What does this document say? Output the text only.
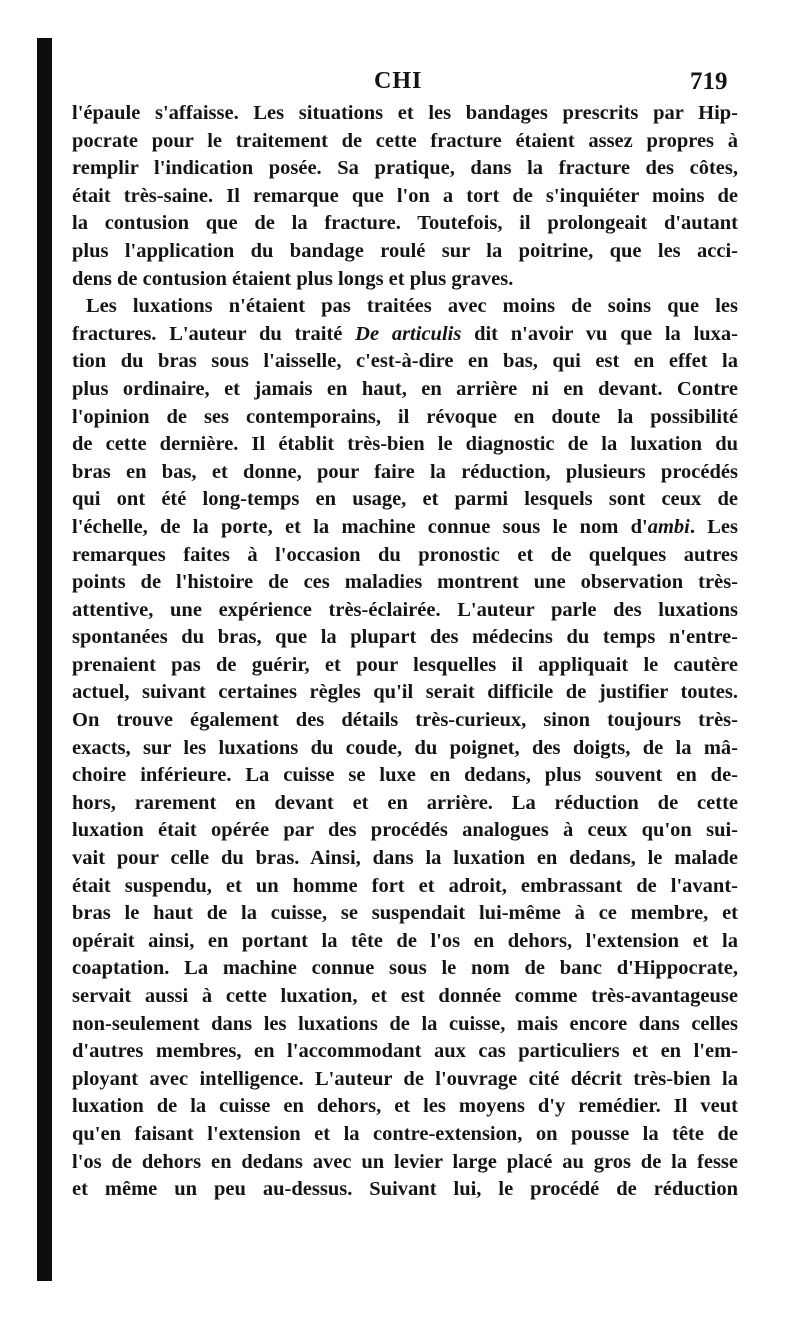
CHI	719
l'épaule s'affaisse. Les situations et les bandages prescrits par Hip-
pocrate pour le traitement de cette fracture étaient assez propres à
remplir l'indication posée. Sa pratique, dans la fracture des côtes,
était très-saine. Il remarque que l'on a tort de s'inquiéter moins de
la contusion que de la fracture. Toutefois, il prolongeait d'autant
plus l'application du bandage roulé sur la poitrine, que les acci-
dens de contusion étaient plus longs et plus graves.
Les luxations n'étaient pas traitées avec moins de soins que les
fractures. L'auteur du traité De articulis dit n'avoir vu que la luxa-
tion du bras sous l'aisselle, c'est-à-dire en bas, qui est en effet la
plus ordinaire, et jamais en haut, en arrière ni en devant. Contre
l'opinion de ses contemporains, il révoque en doute la possibilité
de cette dernière. Il établit très-bien le diagnostic de la luxation du
bras en bas, et donne, pour faire la réduction, plusieurs procédés
qui ont été long-temps en usage, et parmi lesquels sont ceux de
l'échelle, de la porte, et la machine connue sous le nom d'ambi. Les
remarques faites à l'occasion du pronostic et de quelques autres
points de l'histoire de ces maladies montrent une observation très-
attentive, une expérience très-éclairée. L'auteur parle des luxations
spontanées du bras, que la plupart des médecins du temps n'entre-
prenaient pas de guérir, et pour lesquelles il appliquait le cautère
actuel, suivant certaines règles qu'il serait difficile de justifier toutes.
On trouve également des détails très-curieux, sinon toujours très-
exacts, sur les luxations du coude, du poignet, des doigts, de la mâ-
choire inférieure. La cuisse se luxe en dedans, plus souvent en de-
hors, rarement en devant et en arrière. La réduction de cette
luxation était opérée par des procédés analogues à ceux qu'on sui-
vait pour celle du bras. Ainsi, dans la luxation en dedans, le malade
était suspendu, et un homme fort et adroit, embrassant de l'avant-
bras le haut de la cuisse, se suspendait lui-même à ce membre, et
opérait ainsi, en portant la tête de l'os en dehors, l'extension et la
coaptation. La machine connue sous le nom de banc d'Hippocrate,
servait aussi à cette luxation, et est donnée comme très-avantageuse
non-seulement dans les luxations de la cuisse, mais encore dans celles
d'autres membres, en l'accommodant aux cas particuliers et en l'em-
ployant avec intelligence. L'auteur de l'ouvrage cité décrit très-bien la
luxation de la cuisse en dehors, et les moyens d'y remédier. Il veut
qu'en faisant l'extension et la contre-extension, on pousse la tête de
l'os de dehors en dedans avec un levier large placé au gros de la fesse
et même un peu au-dessus. Suivant lui, le procédé de réduction
